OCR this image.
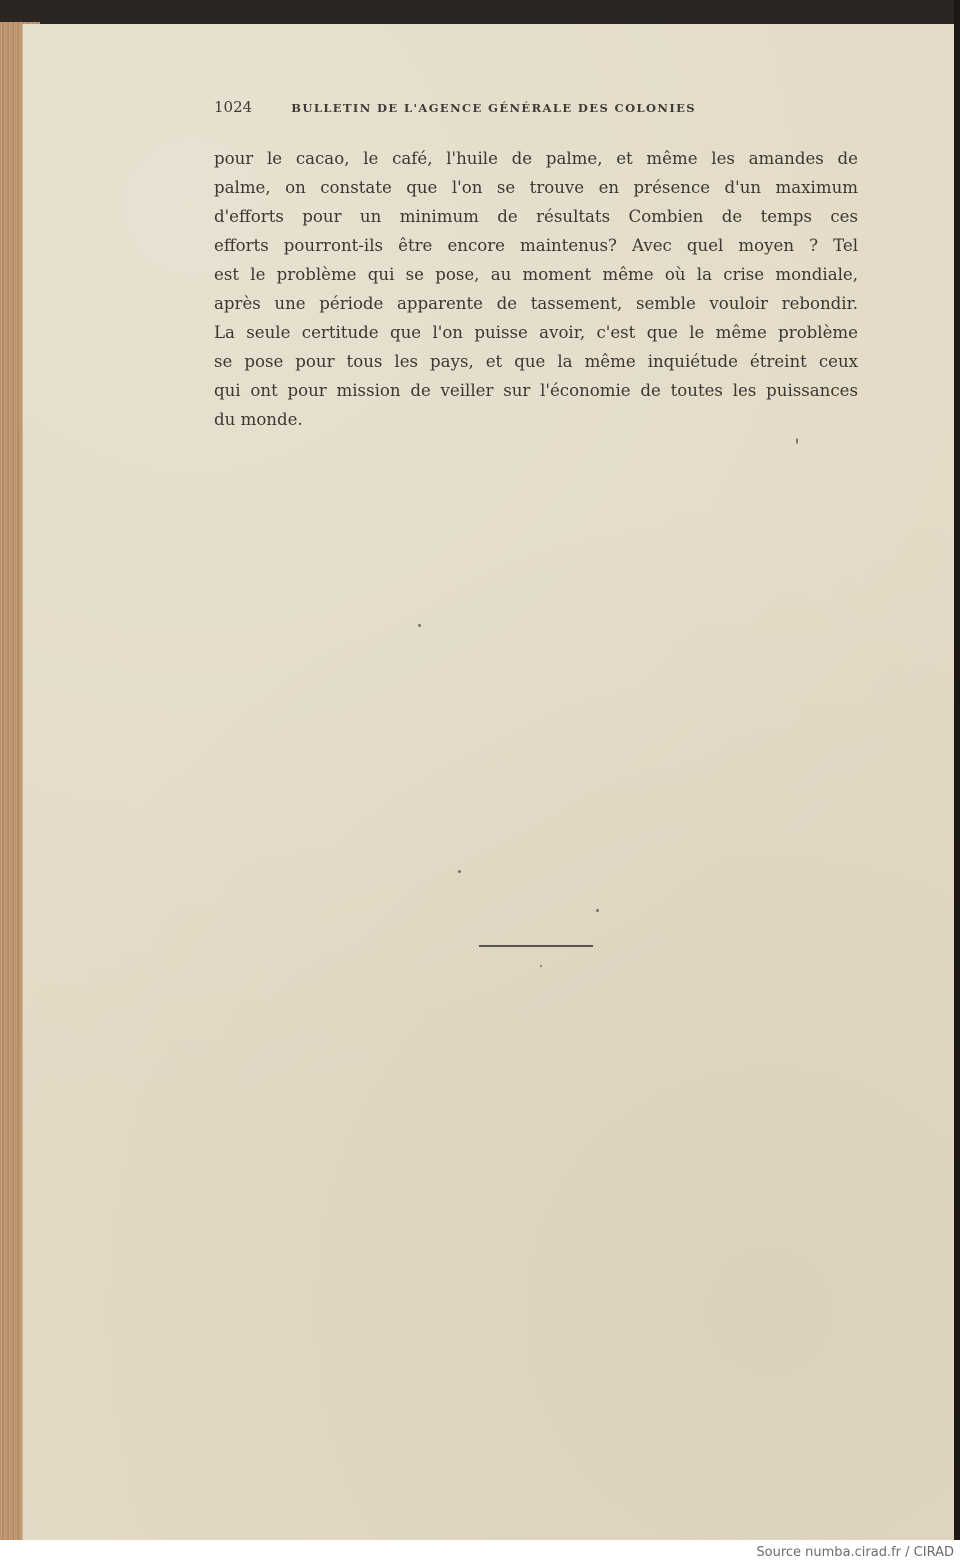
1024	BULLETIN DE L'AGENCE GÉNÉRALE DES COLONIES
pour le cacao, le café, l'huile de palme, et même les amandes de
palme, on constate que l'on se trouve en présence d'un maximum
d'efforts pour un minimum de résultats Combien de temps ces
efforts pourront-ils être encore maintenus? Avec quel moyen ? Tel
est le problème qui se pose, au moment même où la crise mondiale,
après une période apparente de tassement, semble vouloir rebondir.
La seule certitude que l'on puisse avoir, c'est que le même problème
se pose pour tous les pays, et que la même inquiétude étreint ceux
qui ont pour mission de veiller sur l'économie de toutes les puissances
du monde.
Source numba.cirad.fr / CIRAD
